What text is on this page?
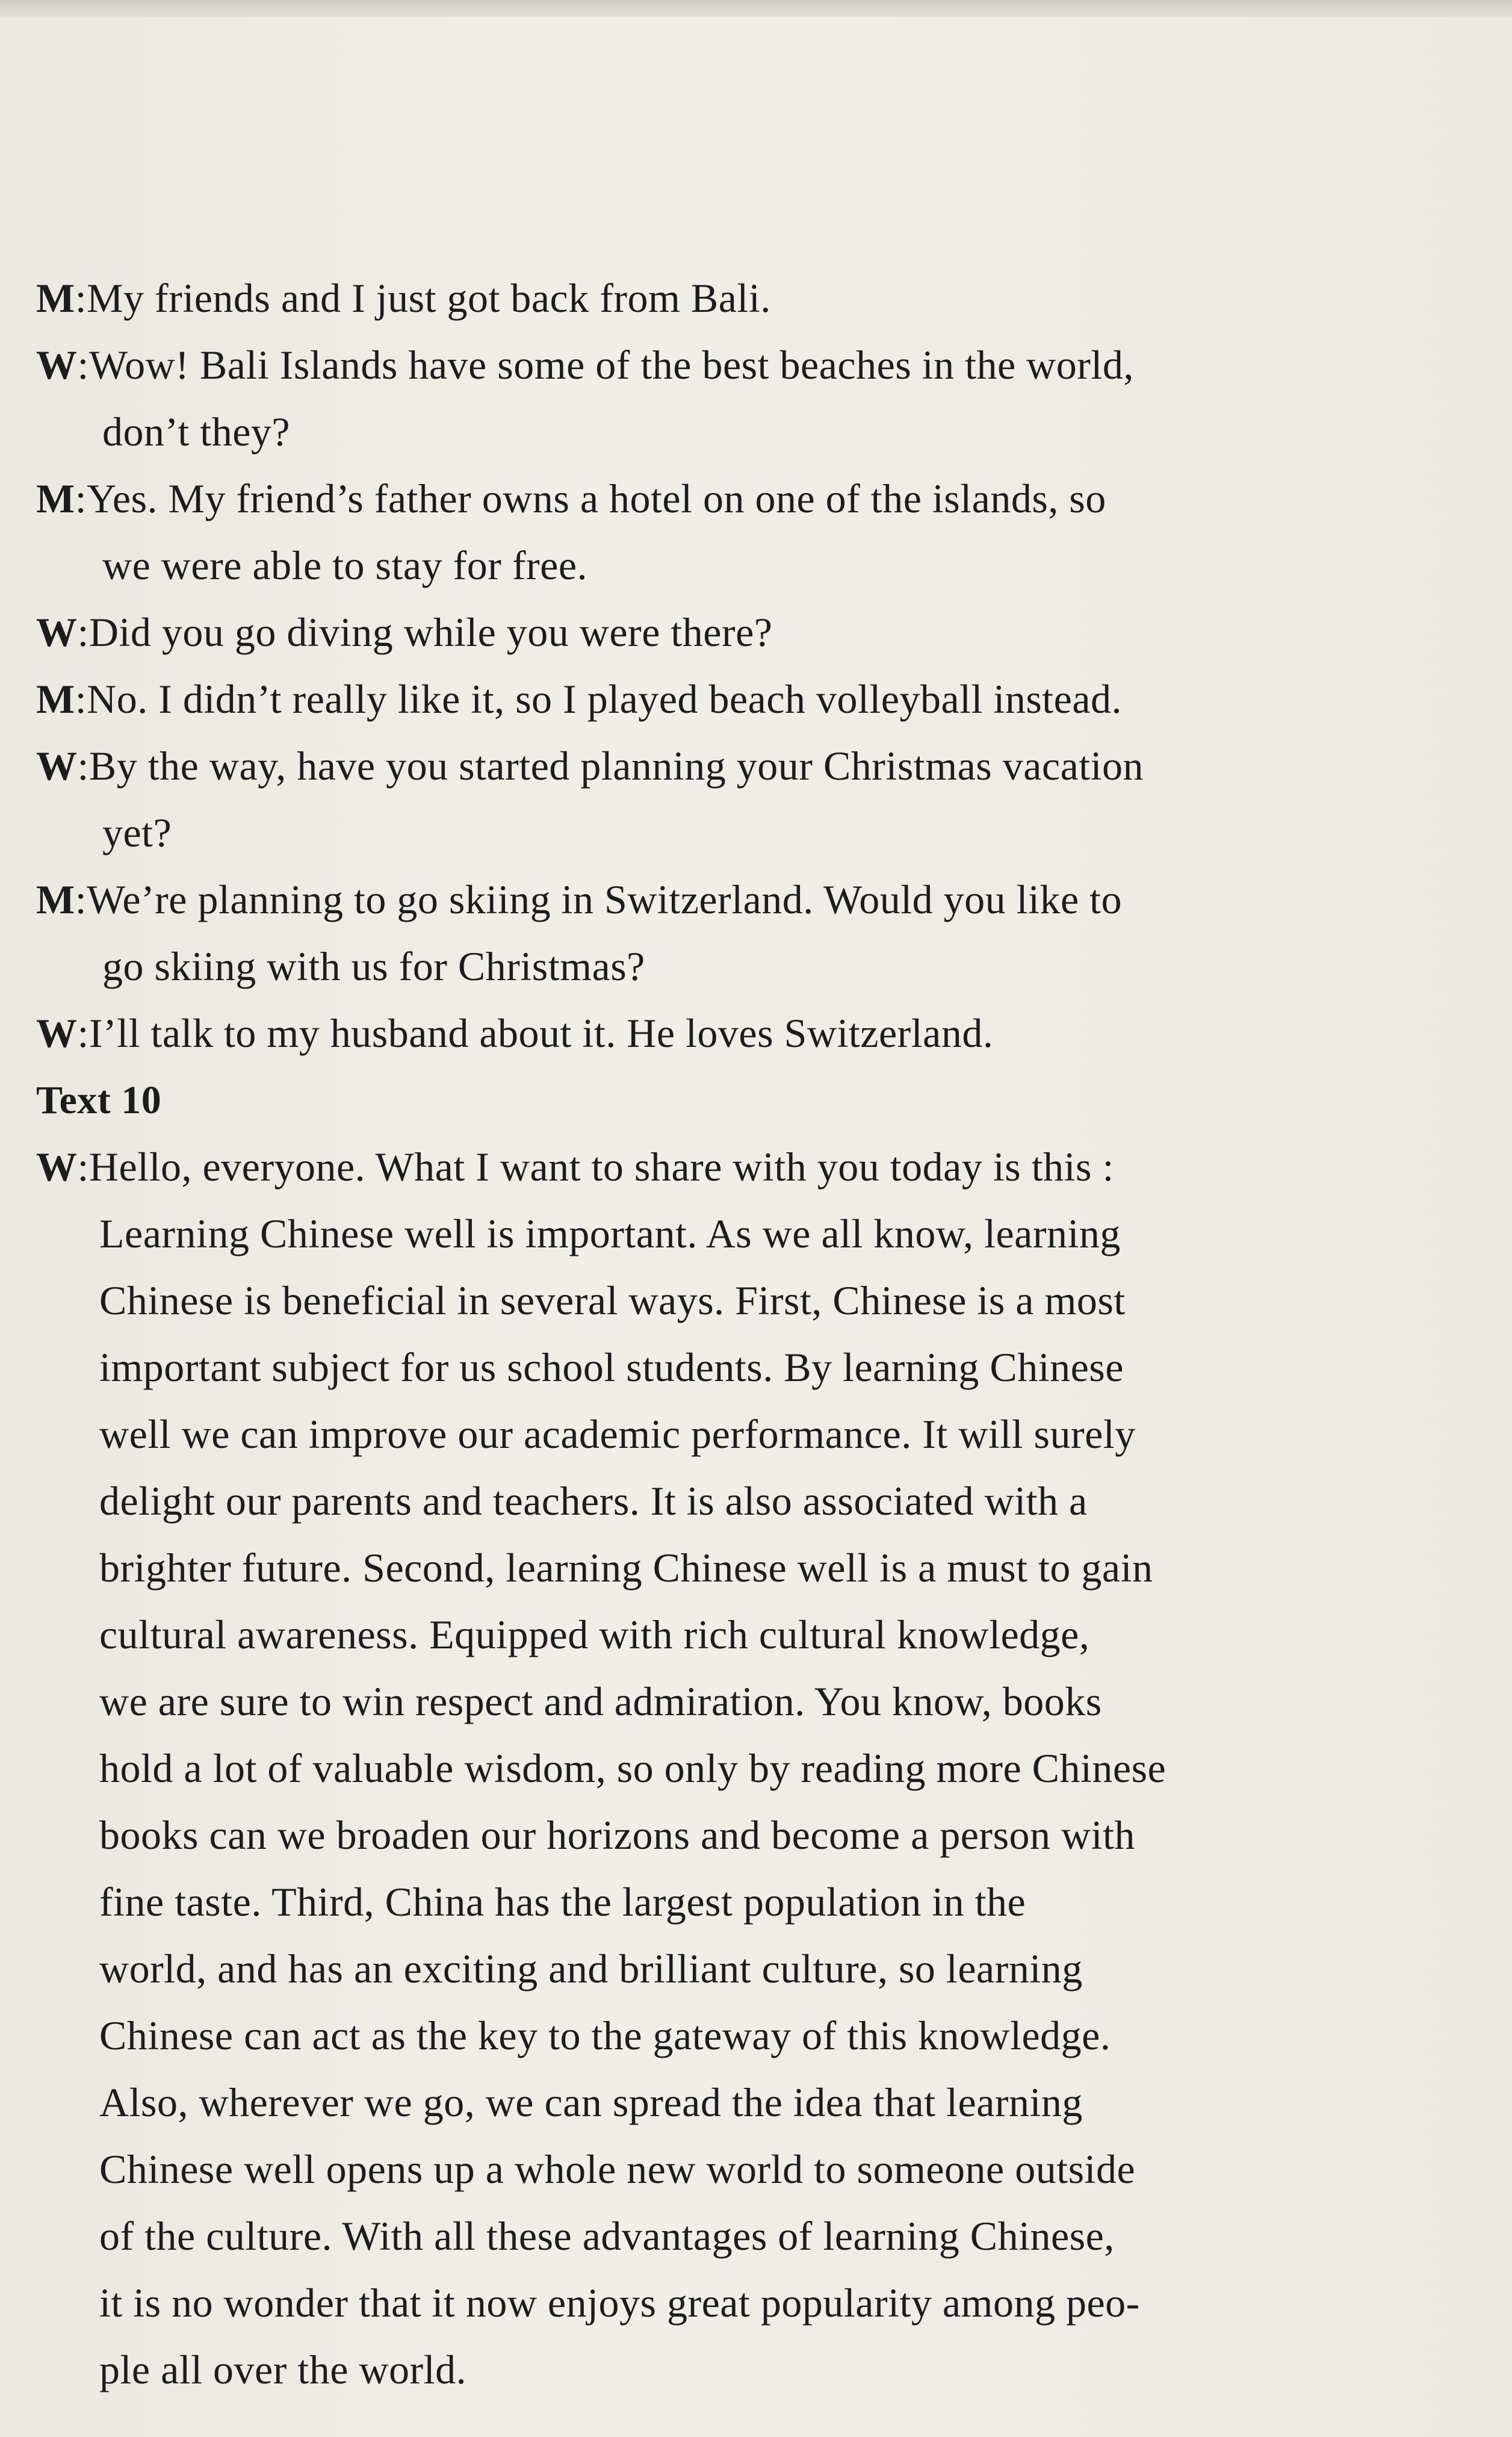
M:My friends and I just got back from Bali.
W:Wow! Bali Islands have some of the best beaches in the world,
don’t they?
M:Yes. My friend’s father owns a hotel on one of the islands, so
we were able to stay for free.
W:Did you go diving while you were there?
M:No. I didn’t really like it, so I played beach volleyball instead.
W:By the way, have you started planning your Christmas vacation
yet?
M:We’re planning to go skiing in Switzerland. Would you like to
go skiing with us for Christmas?
W:I’ll talk to my husband about it. He loves Switzerland.
Text 10
W:Hello, everyone. What I want to share with you today is this :
Learning Chinese well is important. As we all know, learning
Chinese is beneficial in several ways. First, Chinese is a most
important subject for us school students. By learning Chinese
well we can improve our academic performance. It will surely
delight our parents and teachers. It is also associated with a
brighter future. Second, learning Chinese well is a must to gain
cultural awareness. Equipped with rich cultural knowledge,
we are sure to win respect and admiration. You know, books
hold a lot of valuable wisdom, so only by reading more Chinese
books can we broaden our horizons and become a person with
fine taste. Third, China has the largest population in the
world, and has an exciting and brilliant culture, so learning
Chinese can act as the key to the gateway of this knowledge.
Also, wherever we go, we can spread the idea that learning
Chinese well opens up a whole new world to someone outside
of the culture. With all these advantages of learning Chinese,
it is no wonder that it now enjoys great popularity among peo-
ple all over the world.
